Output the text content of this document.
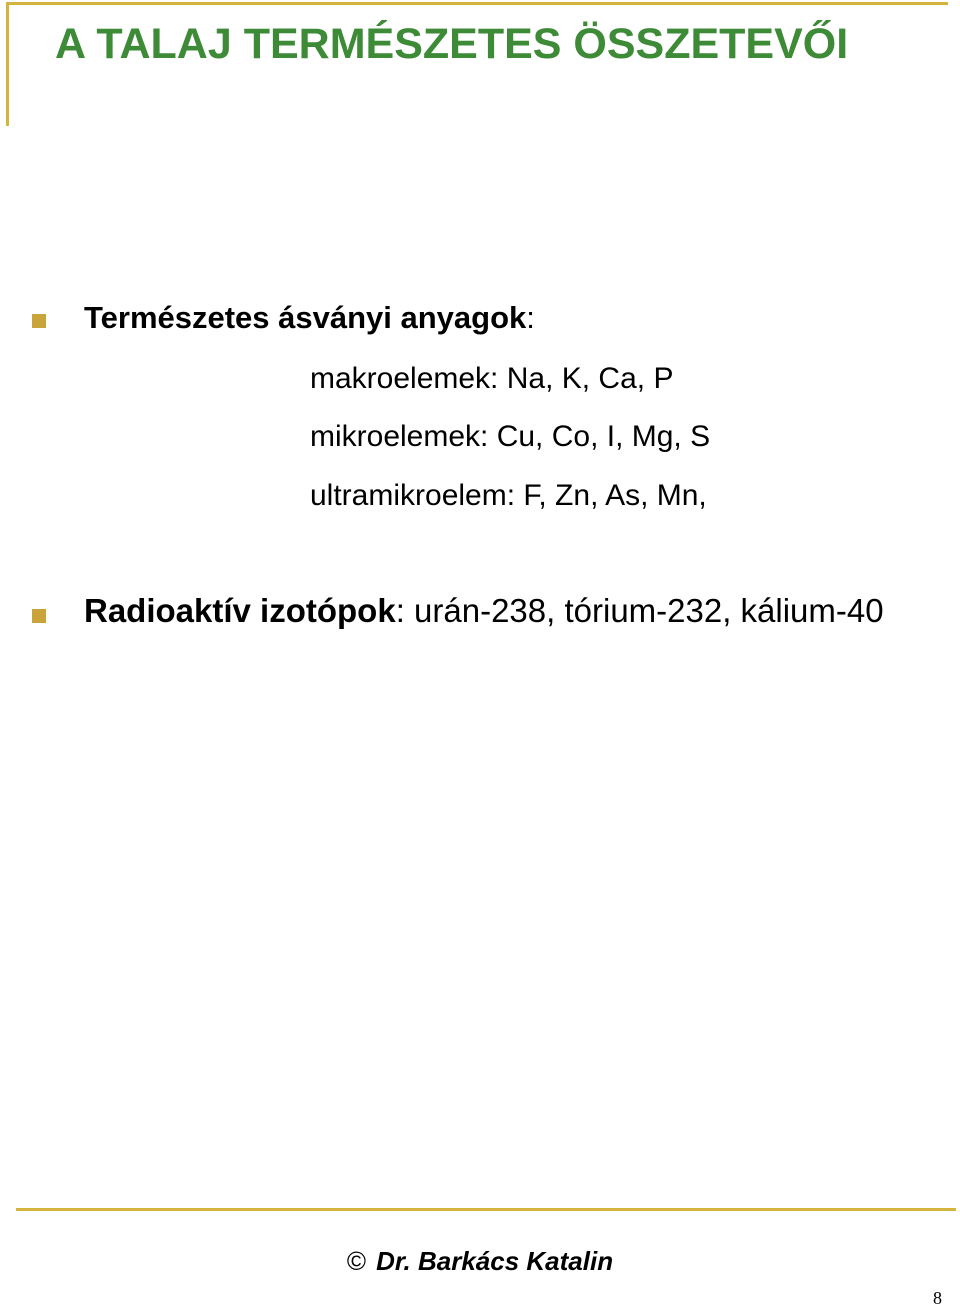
A TALAJ TERMÉSZETES ÖSSZETEVŐI

Természetes ásványi anyagok:

makroelemek: Na, K, Ca, P

mikroelemek: Cu, Co, I, Mg, S

ultramikroelem: F, Zn, As, Mn,

Radioaktív izotópok: urán-238, tórium-232, kálium-40

© Dr. Barkács Katalin

8
